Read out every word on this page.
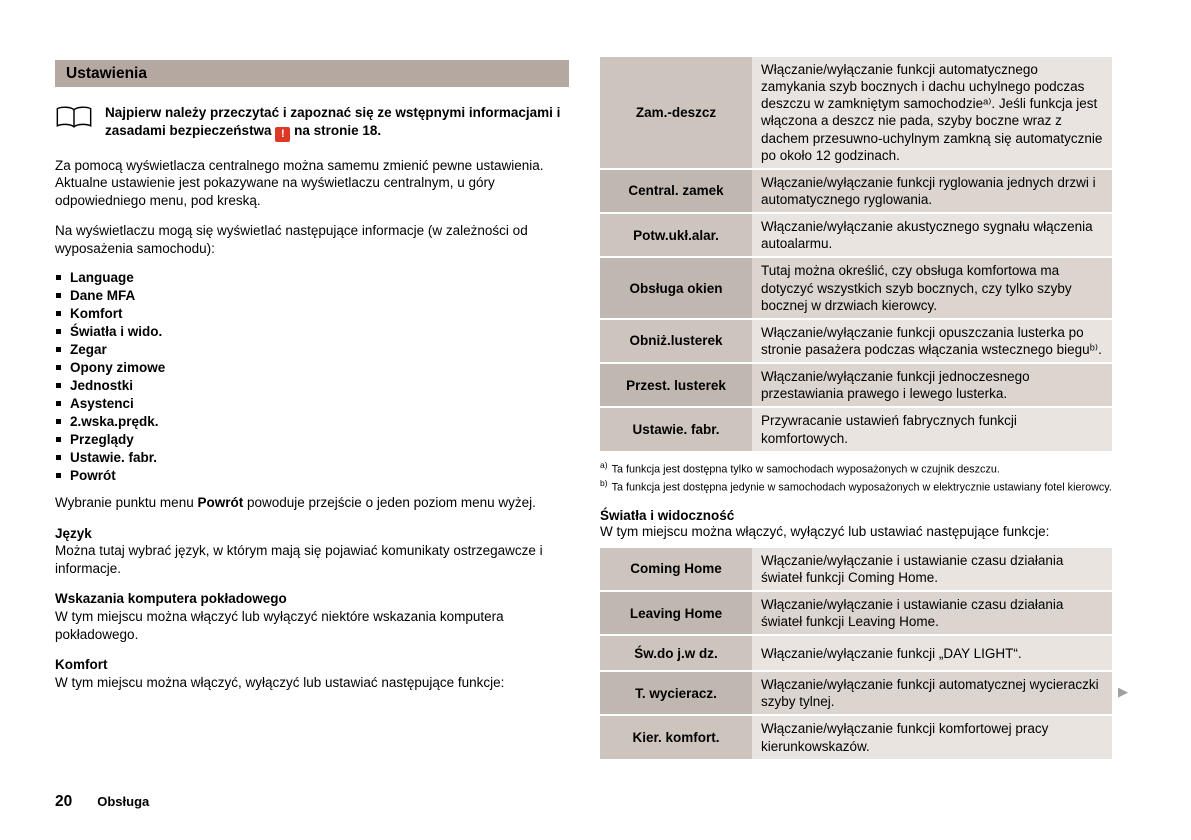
Ustawienia
Najpierw należy przeczytać i zapoznać się ze wstępnymi informacjami i zasadami bezpieczeństwa ! na stronie 18.
Za pomocą wyświetlacza centralnego można samemu zmienić pewne ustawienia. Aktualne ustawienie jest pokazywane na wyświetlaczu centralnym, u góry odpowiedniego menu, pod kreską.
Na wyświetlaczu mogą się wyświetlać następujące informacje (w zależności od wyposażenia samochodu):
Language
Dane MFA
Komfort
Światła i wido.
Zegar
Opony zimowe
Jednostki
Asystenci
2.wska.prędk.
Przeglądy
Ustawie. fabr.
Powrót
Wybranie punktu menu Powrót powoduje przejście o jeden poziom menu wyżej.
Język
Można tutaj wybrać język, w którym mają się pojawiać komunikaty ostrzegawcze i informacje.
Wskazania komputera pokładowego
W tym miejscu można włączyć lub wyłączyć niektóre wskazania komputera pokładowego.
Komfort
W tym miejscu można włączyć, wyłączyć lub ustawiać następujące funkcje:
Zam.-deszcz
Włączanie/wyłączanie funkcji automatycznego zamykania szyb bocznych i dachu uchylnego podczas deszczu w zamkniętym samochodzieᵃ⁾. Jeśli funkcja jest włączona a deszcz nie pada, szyby boczne wraz z dachem przesuwno-uchylnym zamkną się automatycznie po około 12 godzinach.
Central. zamek
Włączanie/wyłączanie funkcji ryglowania jednych drzwi i automatycznego ryglowania.
Potw.ukł.alar.
Włączanie/wyłączanie akustycznego sygnału włączenia autoalarmu.
Obsługa okien
Tutaj można określić, czy obsługa komfortowa ma dotyczyć wszystkich szyb bocznych, czy tylko szyby bocznej w drzwiach kierowcy.
Obniż.lusterek
Włączanie/wyłączanie funkcji opuszczania lusterka po stronie pasażera podczas włączania wstecznego bieguᵇ⁾.
Przest. lusterek
Włączanie/wyłączanie funkcji jednoczesnego przestawiania prawego i lewego lusterka.
Ustawie. fabr.
Przywracanie ustawień fabrycznych funkcji komfortowych.
$^{a)}$ Ta funkcja jest dostępna tylko w samochodach wyposażonych w czujnik deszczu.
$^{b)}$ Ta funkcja jest dostępna jedynie w samochodach wyposażonych w elektrycznie ustawiany fotel kierowcy.
Światła i widoczność
W tym miejscu można włączyć, wyłączyć lub ustawiać następujące funkcje:
Coming Home
Włączanie/wyłączanie i ustawianie czasu działania świateł funkcji Coming Home.
Leaving Home
Włączanie/wyłączanie i ustawianie czasu działania świateł funkcji Leaving Home.
Św.do j.w dz.	Włączanie/wyłączanie funkcji „DAY LIGHT“.
T. wycieracz.
Włączanie/wyłączanie funkcji automatycznej wycieraczki szyby tylnej.
Kier. komfort.
Włączanie/wyłączanie funkcji komfortowej pracy kierunkowskazów.
▶
20 Obsługa
